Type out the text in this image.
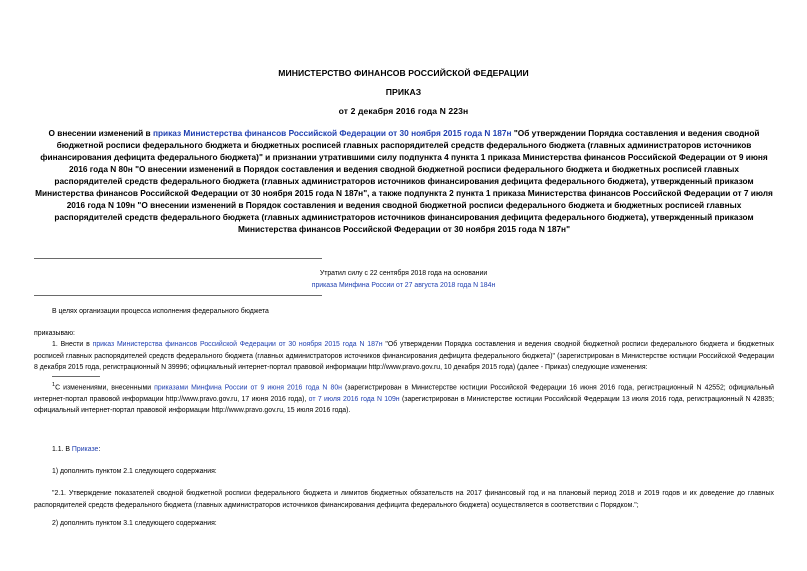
МИНИСТЕРСТВО ФИНАНСОВ РОССИЙСКОЙ ФЕДЕРАЦИИ
ПРИКАЗ
от 2 декабря 2016 года N 223н
О внесении изменений в приказ Министерства финансов Российской Федерации от 30 ноября 2015 года N 187н "Об утверждении Порядка составления и ведения сводной бюджетной росписи федерального бюджета и бюджетных росписей главных распорядителей средств федерального бюджета (главных администраторов источников финансирования дефицита федерального бюджета)" и признании утратившими силу подпункта 4 пункта 1 приказа Министерства финансов Российской Федерации от 9 июня 2016 года N 80н "О внесении изменений в Порядок составления и ведения сводной бюджетной росписи федерального бюджета и бюджетных росписей главных распорядителей средств федерального бюджета (главных администраторов источников финансирования дефицита федерального бюджета), утвержденный приказом Министерства финансов Российской Федерации от 30 ноября 2015 года N 187н", а также подпункта 2 пункта 1 приказа Министерства финансов Российской Федерации от 7 июля 2016 года N 109н "О внесении изменений в Порядок составления и ведения сводной бюджетной росписи федерального бюджета и бюджетных росписей главных распорядителей средств федерального бюджета (главных администраторов источников финансирования дефицита федерального бюджета), утвержденный приказом Министерства финансов Российской Федерации от 30 ноября 2015 года N 187н"
Утратил силу с 22 сентября 2018 года на основании
приказа Минфина России от 27 августа 2018 года N 184н
В целях организации процесса исполнения федерального бюджета
приказываю:
1. Внести в приказ Министерства финансов Российской Федерации от 30 ноября 2015 года N 187н "Об утверждении Порядка составления и ведения сводной бюджетной росписи федерального бюджета и бюджетных росписей главных распорядителей средств федерального бюджета (главных администраторов источников финансирования дефицита федерального бюджета)" (зарегистрирован в Министерстве юстиции Российской Федерации 8 декабря 2015 года, регистрационный N 39996; официальный интернет-портал правовой информации http://www.pravo.gov.ru, 10 декабря 2015 года) (далее - Приказ) следующие изменения:
$^1$С изменениями, внесенными приказами Минфина России от 9 июня 2016 года N 80н (зарегистрирован в Министерстве юстиции Российской Федерации 16 июня 2016 года, регистрационный N 42552; официальный интернет-портал правовой информации http://www.pravo.gov.ru, 17 июня 2016 года), от 7 июля 2016 года N 109н (зарегистрирован в Министерстве юстиции Российской Федерации 13 июля 2016 года, регистрационный N 42835; официальный интернет-портал правовой информации http://www.pravo.gov.ru, 15 июля 2016 года).
1.1. В Приказе:
1) дополнить пунктом 2.1 следующего содержания:
"2.1. Утверждение показателей сводной бюджетной росписи федерального бюджета и лимитов бюджетных обязательств на 2017 финансовый год и на плановый период 2018 и 2019 годов и их доведение до главных распорядителей средств федерального бюджета (главных администраторов источников финансирования дефицита федерального бюджета) осуществляется в соответствии с Порядком.";
2) дополнить пунктом 3.1 следующего содержания:
